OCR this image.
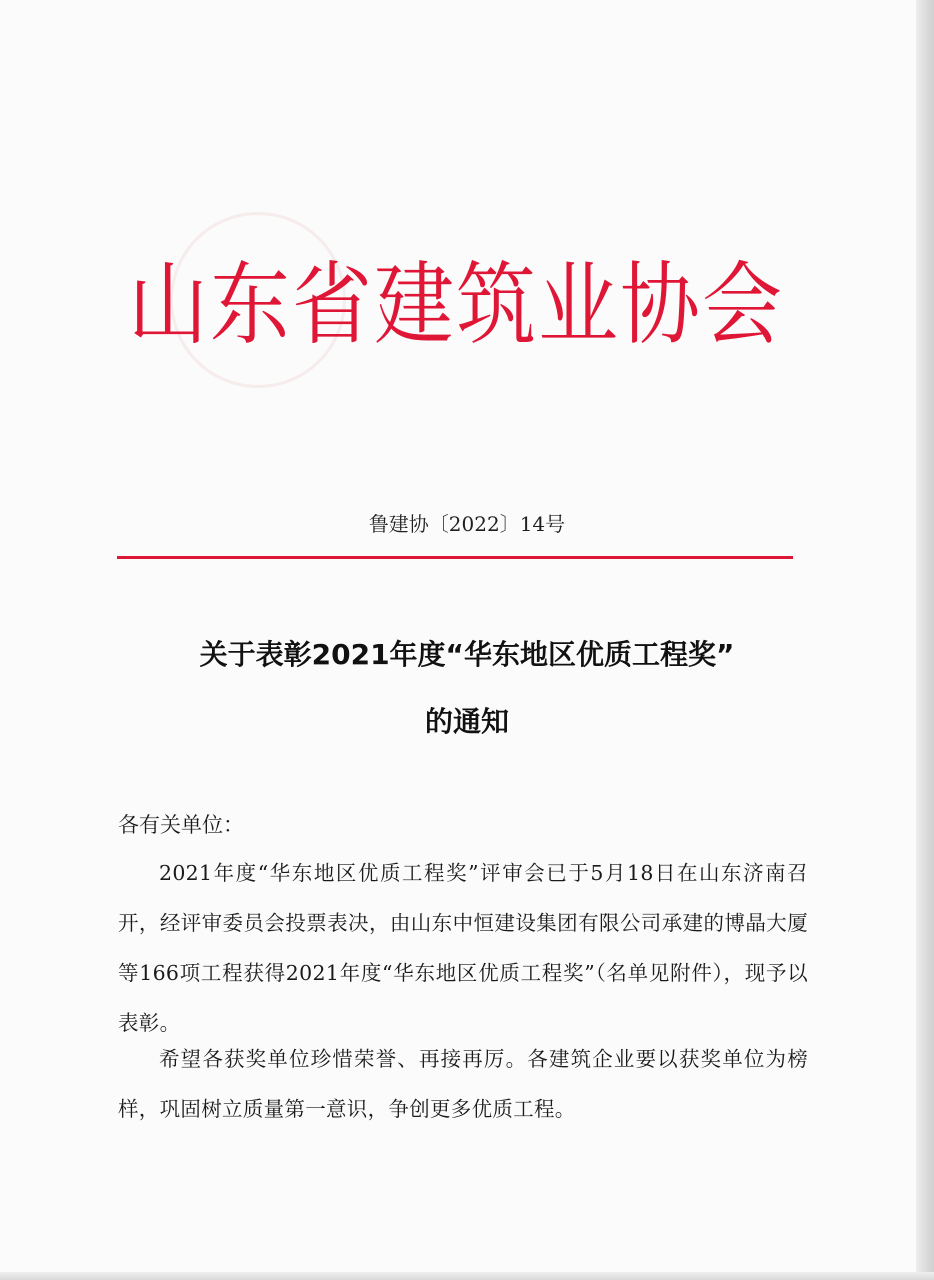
山东省建筑业协会
鲁建协〔2022〕14号
关于表彰2021年度“华东地区优质工程奖”
的通知
各有关单位：
2021年度“华东地区优质工程奖”评审会已于5月18日在山东济南召开，经评审委员会投票表决，由山东中恒建设集团有限公司承建的博晶大厦等166项工程获得2021年度“华东地区优质工程奖”（名单见附件），现予以表彰。
希望各获奖单位珍惜荣誉、再接再厉。各建筑企业要以获奖单位为榜样，巩固树立质量第一意识，争创更多优质工程。
